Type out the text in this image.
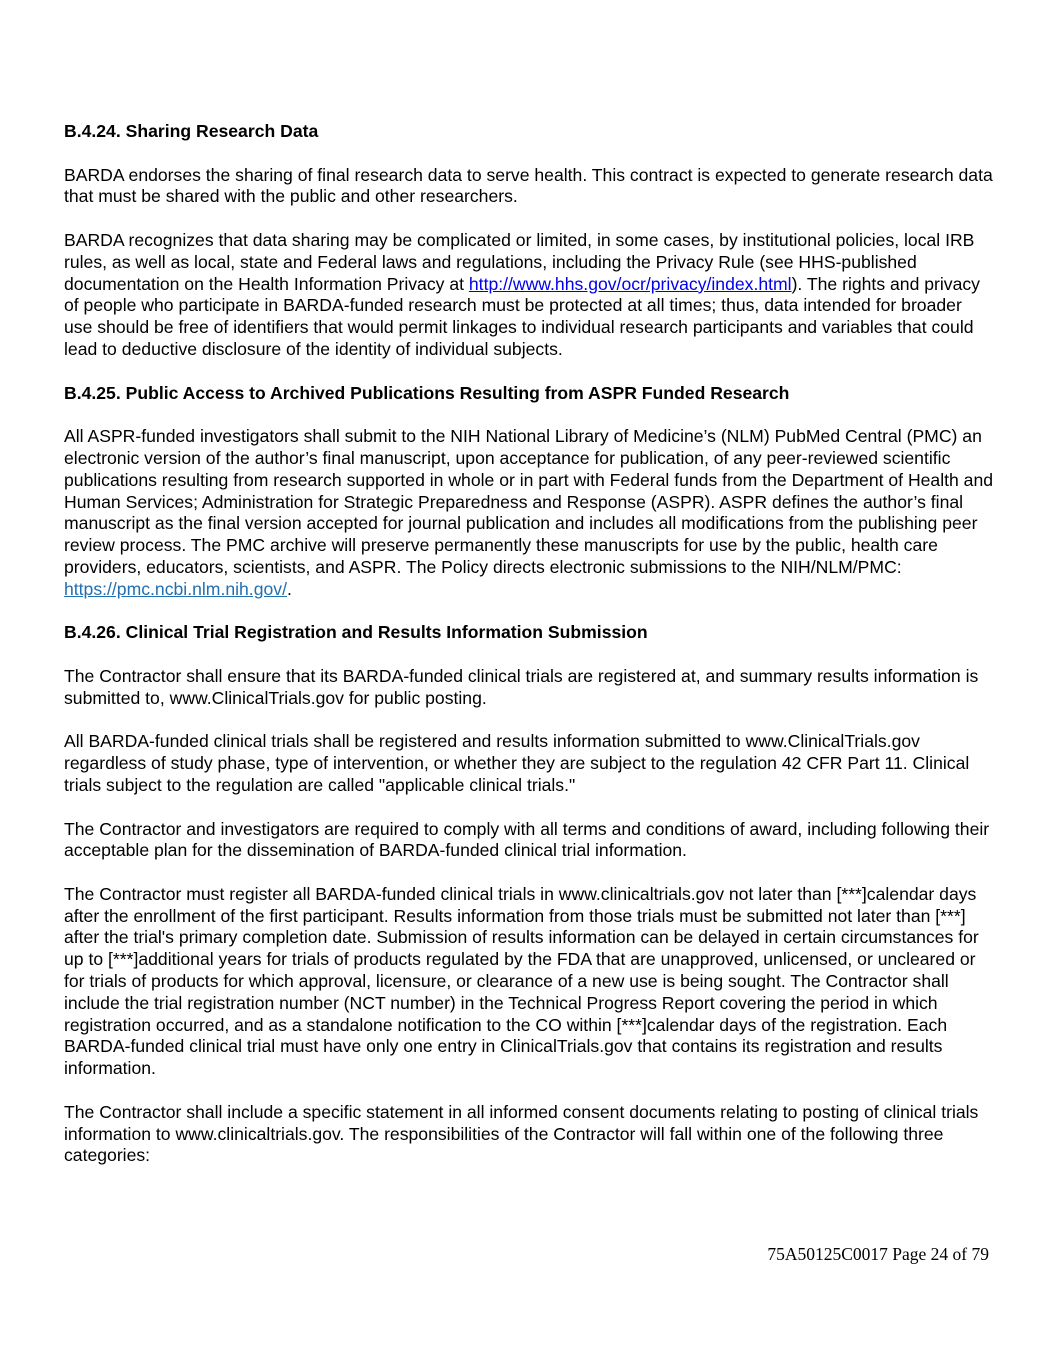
B.4.24. Sharing Research Data
BARDA endorses the sharing of final research data to serve health. This contract is expected to generate research data that must be shared with the public and other researchers.
BARDA recognizes that data sharing may be complicated or limited, in some cases, by institutional policies, local IRB rules, as well as local, state and Federal laws and regulations, including the Privacy Rule (see HHS-published documentation on the Health Information Privacy at http://www.hhs.gov/ocr/privacy/index.html). The rights and privacy of people who participate in BARDA-funded research must be protected at all times; thus, data intended for broader use should be free of identifiers that would permit linkages to individual research participants and variables that could lead to deductive disclosure of the identity of individual subjects.
B.4.25. Public Access to Archived Publications Resulting from ASPR Funded Research
All ASPR-funded investigators shall submit to the NIH National Library of Medicine’s (NLM) PubMed Central (PMC) an electronic version of the author’s final manuscript, upon acceptance for publication, of any peer-reviewed scientific publications resulting from research supported in whole or in part with Federal funds from the Department of Health and Human Services; Administration for Strategic Preparedness and Response (ASPR). ASPR defines the author’s final manuscript as the final version accepted for journal publication and includes all modifications from the publishing peer review process. The PMC archive will preserve permanently these manuscripts for use by the public, health care providers, educators, scientists, and ASPR. The Policy directs electronic submissions to the NIH/NLM/PMC: https://pmc.ncbi.nlm.nih.gov/.
B.4.26. Clinical Trial Registration and Results Information Submission
The Contractor shall ensure that its BARDA-funded clinical trials are registered at, and summary results information is submitted to, www.ClinicalTrials.gov for public posting.
All BARDA-funded clinical trials shall be registered and results information submitted to www.ClinicalTrials.gov regardless of study phase, type of intervention, or whether they are subject to the regulation 42 CFR Part 11. Clinical trials subject to the regulation are called "applicable clinical trials."
The Contractor and investigators are required to comply with all terms and conditions of award, including following their acceptable plan for the dissemination of BARDA-funded clinical trial information.
The Contractor must register all BARDA-funded clinical trials in www.clinicaltrials.gov not later than [***]calendar days after the enrollment of the first participant. Results information from those trials must be submitted not later than [***] after the trial's primary completion date. Submission of results information can be delayed in certain circumstances for up to [***]additional years for trials of products regulated by the FDA that are unapproved, unlicensed, or uncleared or for trials of products for which approval, licensure, or clearance of a new use is being sought. The Contractor shall include the trial registration number (NCT number) in the Technical Progress Report covering the period in which registration occurred, and as a standalone notification to the CO within [***]calendar days of the registration. Each BARDA-funded clinical trial must have only one entry in ClinicalTrials.gov that contains its registration and results information.
The Contractor shall include a specific statement in all informed consent documents relating to posting of clinical trials information to www.clinicaltrials.gov. The responsibilities of the Contractor will fall within one of the following three categories:
75A50125C0017 Page 24 of 79
